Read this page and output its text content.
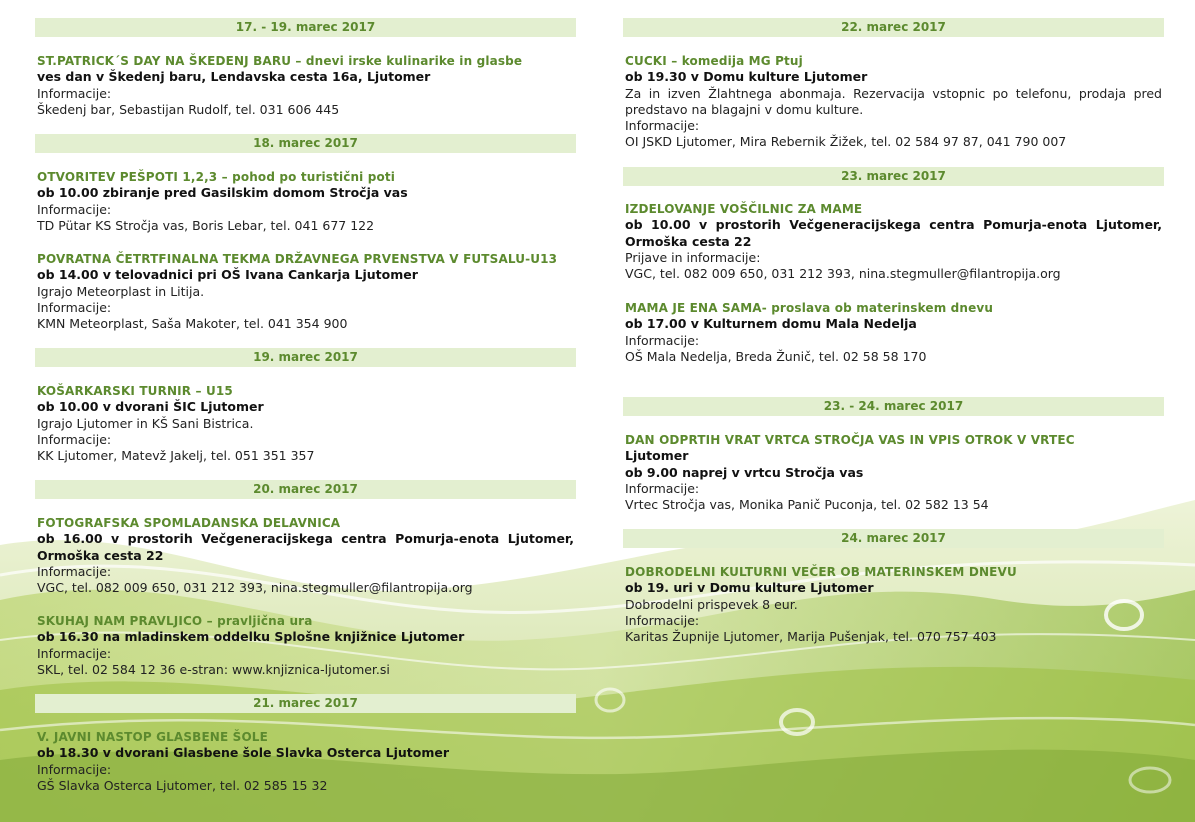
17. - 19. marec 2017
ST.PATRICK´S DAY NA ŠKEDENJ BARU – dnevi irske kulinarike in glasbe
ves dan v Škedenj baru, Lendavska cesta 16a, Ljutomer
Informacije:
Škedenj bar, Sebastijan Rudolf, tel. 031 606 445
18. marec 2017
OTVORITEV PEŠPOTI 1,2,3 – pohod po turistični poti
ob 10.00 zbiranje pred Gasilskim domom Stročja vas
Informacije:
TD Pütar KS Stročja vas, Boris Lebar, tel. 041 677 122
POVRATNA ČETRTFINALNA TEKMA DRŽAVNEGA PRVENSTVA V FUTSALU-U13
ob 14.00 v telovadnici pri OŠ Ivana Cankarja Ljutomer
Igrajo Meteorplast in Litija.
Informacije:
KMN Meteorplast, Saša Makoter, tel. 041 354 900
19. marec 2017
KOŠARKARSKI TURNIR – U15
ob 10.00 v dvorani ŠIC Ljutomer
Igrajo Ljutomer in KŠ Sani Bistrica.
Informacije:
KK Ljutomer, Matevž Jakelj, tel. 051 351 357
20. marec 2017
FOTOGRAFSKA SPOMLADANSKA DELAVNICA
ob 16.00 v prostorih Večgeneracijskega centra Pomurja-enota Ljutomer, Ormoška cesta 22
Informacije:
VGC, tel. 082 009 650, 031 212 393, nina.stegmuller@filantropija.org
SKUHAJ NAM PRAVLJICO – pravljična ura
ob 16.30 na mladinskem oddelku Splošne knjižnice Ljutomer
Informacije:
SKL, tel. 02 584 12 36 e-stran: www.knjiznica-ljutomer.si
21. marec 2017
V. JAVNI NASTOP GLASBENE ŠOLE
ob 18.30 v dvorani Glasbene šole Slavka Osterca Ljutomer
Informacije:
GŠ Slavka Osterca Ljutomer, tel. 02 585 15 32
22. marec 2017
CUCKI – komedija MG Ptuj
ob 19.30 v Domu kulture Ljutomer
Za in izven Žlahtnega abonmaja. Rezervacija vstopnic po telefonu, prodaja pred predstavo na blagajni v domu kulture.
Informacije:
OI JSKD Ljutomer, Mira Rebernik Žižek, tel. 02 584 97 87, 041 790 007
23. marec 2017
IZDELOVANJE VOŠČILNIC ZA MAME
ob 10.00 v prostorih Večgeneracijskega centra Pomurja-enota Ljutomer, Ormoška cesta 22
Prijave in informacije:
VGC, tel. 082 009 650, 031 212 393, nina.stegmuller@filantropija.org
MAMA JE ENA SAMA- proslava ob materinskem dnevu
ob 17.00 v Kulturnem domu Mala Nedelja
Informacije:
OŠ Mala Nedelja, Breda Žunič, tel. 02 58 58 170
23. - 24. marec 2017
DAN ODPRTIH VRAT VRTCA STROČJA VAS IN VPIS OTROK V VRTEC
Ljutomer
ob 9.00 naprej v vrtcu Stročja vas
Informacije:
Vrtec Stročja vas, Monika Panič Puconja, tel. 02 582 13 54
24. marec 2017
DOBRODELNI KULTURNI VEČER OB MATERINSKEM DNEVU
ob 19. uri v Domu kulture Ljutomer
Dobrodelni prispevek 8 eur.
Informacije:
Karitas Župnije Ljutomer, Marija Pušenjak, tel. 070 757 403
